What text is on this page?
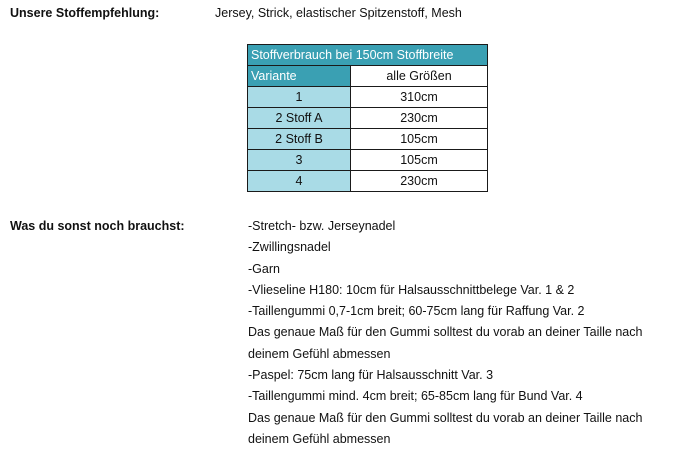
Unsere Stoffempfehlung:	Jersey, Strick, elastischer Spitzenstoff, Mesh
Stoffverbrauch bei 150cm Stoffbreite	
Variante	alle Größen
1	310cm
2 Stoff A	230cm
2 Stoff B	105cm
3	105cm
4	230cm
Was du sonst noch brauchst:	-Stretch- bzw. Jerseynadel
-Zwillingsnadel
-Garn
-Vlieseline H180: 10cm für Halsausschnittbelege Var. 1 & 2
-Taillengummi 0,7-1cm breit; 60-75cm lang für Raffung Var. 2
Das genaue Maß für den Gummi solltest du vorab an deiner Taille nach
deinem Gefühl abmessen
-Paspel: 75cm lang für Halsausschnitt Var. 3
-Taillengummi mind. 4cm breit; 65-85cm lang für Bund Var. 4
Das genaue Maß für den Gummi solltest du vorab an deiner Taille nach
deinem Gefühl abmessen
